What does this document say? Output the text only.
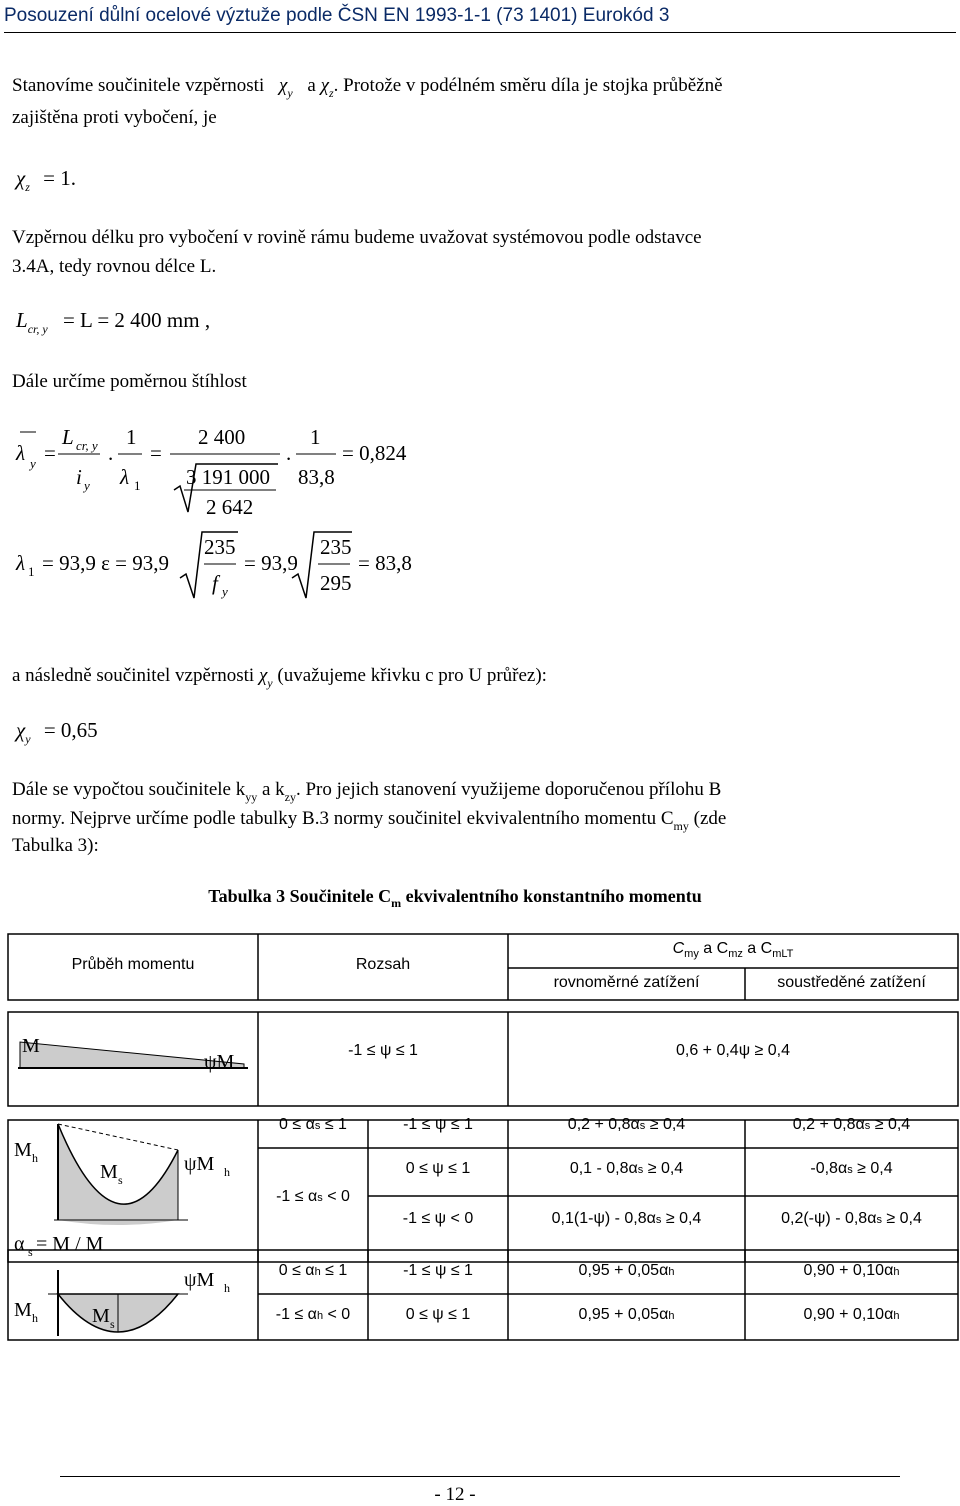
Posouzení důlní ocelové výztuže podle ČSN EN 1993-1-1 (73 1401) Eurokód 3
Stanovíme součinitele vzpěrnosti $\chi_y$ a $\chi_z$. Protože v podélném směru díla je stojka průběžně
zajištěna proti vybočení, je
$\chi_z = 1$.
Vzpěrnou délku pro vybočení v rovině rámu budeme uvažovat systémovou podle odstavce
3.4A, tedy rovnou délce L.
$L_{cr, y} = L = 2$ 400 mm ,
Dále určíme poměrnou štíhlost
λ y =
L cr, y
i y
.
1
λ 1
=
2 400
3 191 000
2 642
.
1
83,8
= 0,824
λ 1 = 93,9 ε = 93,9
235
f y
= 93,9
235
295
= 83,8
a následně součinitel vzpěrnosti $\chi_y$ (uvažujeme křivku c pro U průřez):
$\chi_y = 0,65$
Dále se vypočtou součinitele $k_{yy}$ a $k_{zy}$. Pro jejich stanovení využijeme doporučenou přílohu B
normy. Nejprve určíme podle tabulky B.3 normy součinitel ekvivalentního momentu $C_{my}$ (zde
Tabulka 3):
Tabulka 3 Součinitele $C_m$ ekvivalentního konstantního momentu
Průběh momentu	Rozsah
$C_{my}$ a $C_{mz}$ a $C_{mLT}$
rovnoměrné zatížení	soustředěné zatížení
M
ψM
-1 ≤ ψ ≤ 1	0,6 + 0,4ψ ≥ 0,4
M h
M s
ψM h
α s = M / M
0 ≤ αs ≤ 1	-1 ≤ ψ ≤ 1	0,2 + 0,8αs ≥ 0,4	0,2 + 0,8αs ≥ 0,4
-1 ≤ αs < 0
0 ≤ ψ ≤ 1	0,1 - 0,8αs ≥ 0,4	-0,8αs ≥ 0,4
-1 ≤ ψ < 0	0,1(1-ψ) - 0,8αs ≥ 0,4	0,2(-ψ) - 0,8αs ≥ 0,4
M h	M s
ψM h
0 ≤ αh ≤ 1	-1 ≤ ψ ≤ 1	0,95 + 0,05αh	0,90 + 0,10αh
-1 ≤ αh < 0	0 ≤ ψ ≤ 1	0,95 + 0,05αh	0,90 + 0,10αh
- 12 -
